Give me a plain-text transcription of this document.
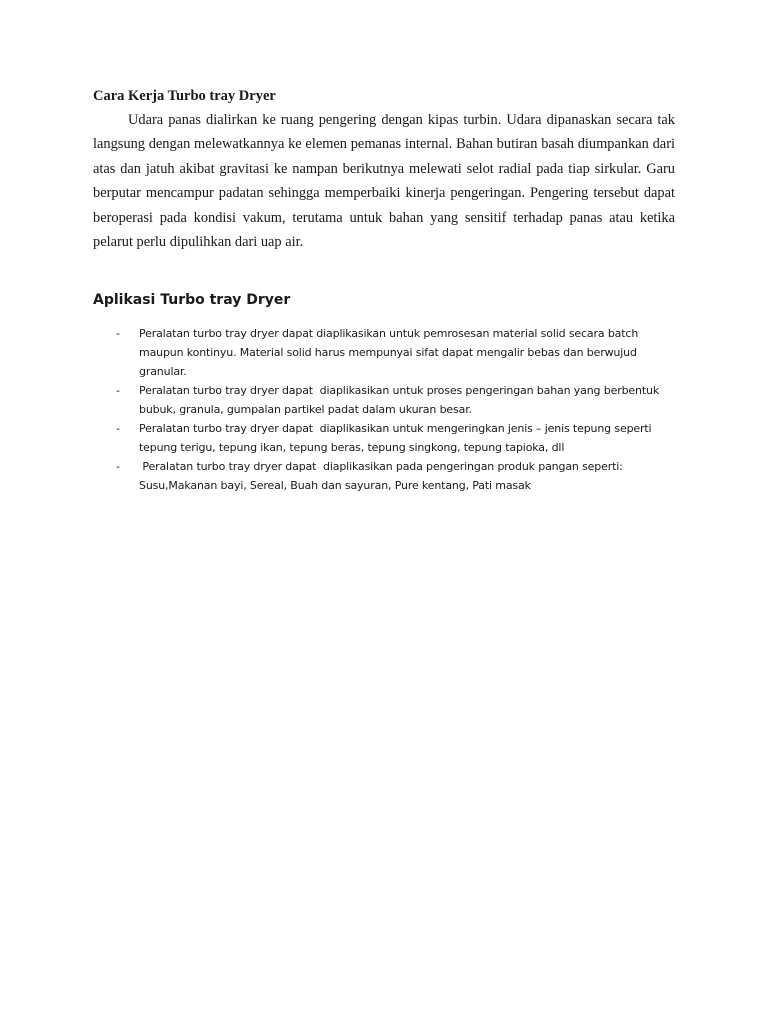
Cara Kerja Turbo tray Dryer

Udara panas dialirkan ke ruang pengering dengan kipas turbin. Udara dipanaskan secara tak langsung dengan melewatkannya ke elemen pemanas internal. Bahan butiran basah diumpankan dari atas dan jatuh akibat gravitasi ke nampan berikutnya melewati selot radial pada tiap sirkular. Garu berputar mencampur padatan sehingga memperbaiki kinerja pengeringan. Pengering tersebut dapat beroperasi pada kondisi vakum, terutama untuk bahan yang sensitif terhadap panas atau ketika pelarut perlu dipulihkan dari uap air.

Aplikasi Turbo tray Dryer
- Peralatan turbo tray dryer dapat diaplikasikan untuk pemrosesan material solid secara batch maupun kontinyu. Material solid harus mempunyai sifat dapat mengalir bebas dan berwujud granular.
- Peralatan turbo tray dryer dapat  diaplikasikan untuk proses pengeringan bahan yang berbentuk bubuk, granula, gumpalan partikel padat dalam ukuran besar.
- Peralatan turbo tray dryer dapat  diaplikasikan untuk mengeringkan jenis – jenis tepung seperti tepung terigu, tepung ikan, tepung beras, tepung singkong, tepung tapioka, dll
- Peralatan turbo tray dryer dapat  diaplikasikan pada pengeringan produk pangan seperti: Susu,Makanan bayi, Sereal, Buah dan sayuran, Pure kentang, Pati masak
